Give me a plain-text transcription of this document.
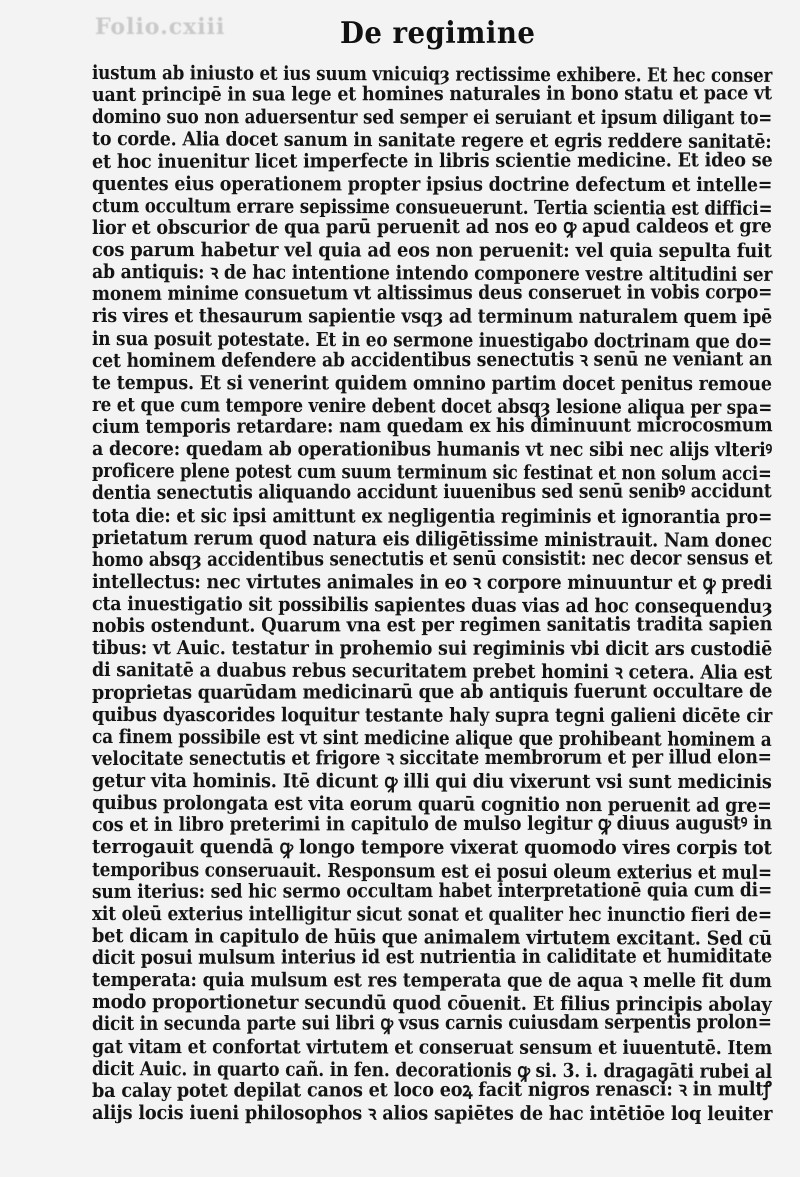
Folio.cxiii	De regimine
iustum ab iniusto et ius suum vnicuiqȝ rectissime exhibere. Et hec conser
uant principē in sua lege et homines naturales in bono statu et pace vt
domino suo non aduersentur sed semper ei seruiant et ipsum diligant to=
to corde. Alia docet sanum in sanitate regere et egris reddere sanitatē:
et hoc inuenitur licet imperfecte in libris scientie medicine. Et ideo se
quentes eius operationem propter ipsius doctrine defectum et intelle=
ctum occultum errare sepissime consueuerunt. Tertia scientia est diffici=
lior et obscurior de qua parū peruenit ad nos eo ꝙ apud caldeos et gre
cos parum habetur vel quia ad eos non peruenit: vel quia sepulta fuit
ab antiquis: ꝛ de hac intentione intendo componere vestre altitudini ser
monem minime consuetum vt altissimus deus conseruet in vobis corpo=
ris vires et thesaurum sapientie vsqȝ ad terminum naturalem quem ipē
in sua posuit potestate. Et in eo sermone inuestigabo doctrinam que do=
cet hominem defendere ab accidentibus senectutis ꝛ senū ne veniant an
te tempus. Et si venerint quidem omnino partim docet penitus remoue
re et que cum tempore venire debent docet absqȝ lesione aliqua per spa=
cium temporis retardare: nam quedam ex his diminuunt microcosmum
a decore: quedam ab operationibus humanis vt nec sibi nec alijs vlteriꝰ
proficere plene potest cum suum terminum sic festinat et non solum acci=
dentia senectutis aliquando accidunt iuuenibus sed senū senibꝰ accidunt
tota die: et sic ipsi amittunt ex negligentia regiminis et ignorantia pro=
prietatum rerum quod natura eis diligētissime ministrauit. Nam donec
homo absqȝ accidentibus senectutis et senū consistit: nec decor sensus et
intellectus: nec virtutes animales in eo ꝛ corpore minuuntur et ꝙ predi
cta inuestigatio sit possibilis sapientes duas vias ad hoc consequenduȝ
nobis ostendunt. Quarum vna est per regimen sanitatis tradita sapien
tibus: vt Auic. testatur in prohemio sui regiminis vbi dicit ars custodiē
di sanitatē a duabus rebus securitatem prebet homini ꝛ cetera. Alia est
proprietas quarūdam medicinarū que ab antiquis fuerunt occultare de
quibus dyascorides loquitur testante haly supra tegni galieni dicēte cir
ca finem possibile est vt sint medicine alique que prohibeant hominem a
velocitate senectutis et frigore ꝛ siccitate membrorum et per illud elon=
getur vita hominis. Itē dicunt ꝙ illi qui diu vixerunt vsi sunt medicinis
quibus prolongata est vita eorum quarū cognitio non peruenit ad gre=
cos et in libro preterimi in capitulo de mulso legitur ꝙ diuus augustꝰ in
terrogauit quendā ꝙ longo tempore vixerat quomodo vires corpis tot
temporibus conseruauit. Responsum est ei posui oleum exterius et mul=
sum iterius: sed hic sermo occultam habet interpretationē quia cum di=
xit oleū exterius intelligitur sicut sonat et qualiter hec inunctio fieri de=
bet dicam in capitulo de hūis que animalem virtutem excitant. Sed cū
dicit posui mulsum interius id est nutrientia in caliditate et humiditate
temperata: quia mulsum est res temperata que de aqua ꝛ melle fit dum
modo proportionetur secundū quod cōuenit. Et filius principis abolay
dicit in secunda parte sui libri ꝙ vsus carnis cuiusdam serpentis prolon=
gat vitam et confortat virtutem et conseruat sensum et iuuentutē. Item
dicit Auic. in quarto cañ. in fen. decorationis ꝙ si. 3. i. dragagāti rubei al
ba calay potet depilat canos et loco eoꝝ facit nigros renasci: ꝛ in multꝭ
alijs locis iueni philosophos ꝛ alios sapiētes de hac intētiōe loq leuiter
